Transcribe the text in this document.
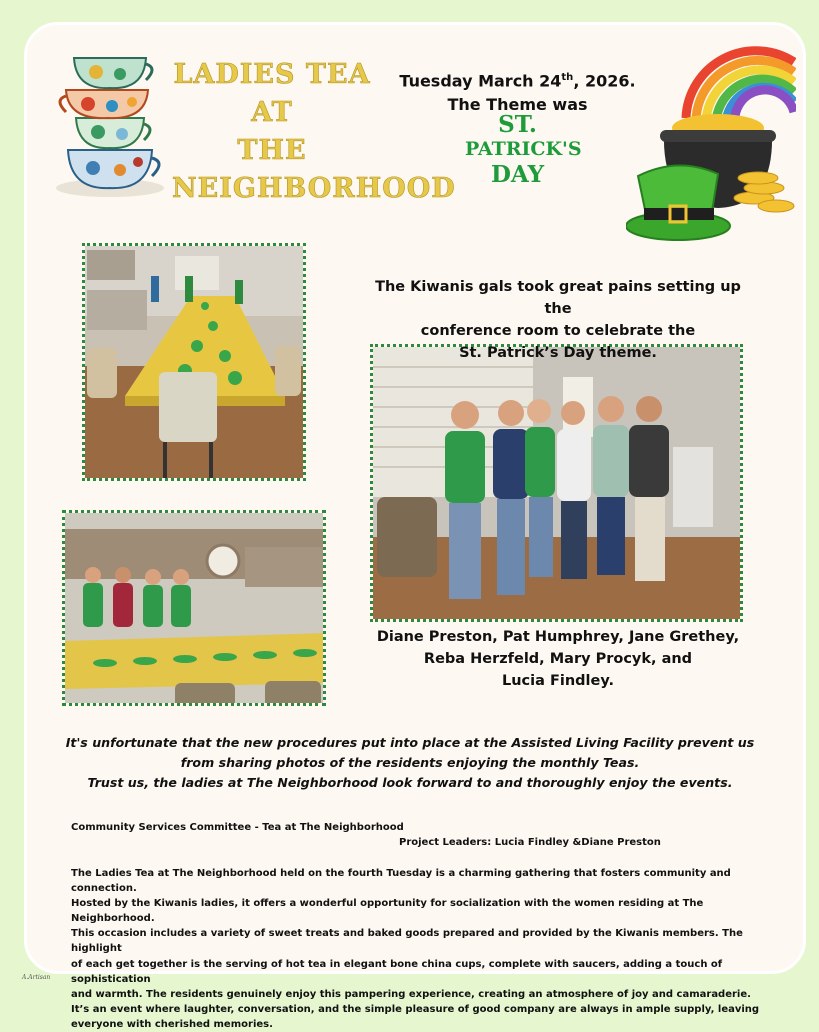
LADIES TEA AT
THE
NEIGHBORHOOD
Tuesday March 24th, 2026.
The Theme was
ST.
PATRICK'S
DAY
The Kiwanis gals took great pains setting up the
conference room to celebrate the
St. Patrick’s Day theme.
Diane Preston, Pat Humphrey, Jane Grethey,
Reba Herzfeld, Mary Procyk, and
Lucia Findley.
It's unfortunate that the new procedures put into place at the Assisted Living Facility prevent us
from sharing photos of the residents enjoying the monthly Teas.
Trust us, the ladies at The Neighborhood look forward to and thoroughly enjoy the events.
Community Services Committee - Tea at The Neighborhood
Project Leaders: Lucia Findley &Diane Preston
The Ladies Tea at The Neighborhood held on the fourth Tuesday is a charming gathering that fosters community and connection.
Hosted by the Kiwanis ladies, it offers a wonderful opportunity for socialization with the women residing at The Neighborhood.
This occasion includes a variety of sweet treats and baked goods prepared and provided by the Kiwanis members. The highlight
of each get together is the serving of hot tea in elegant bone china cups, complete with saucers, adding a touch of sophistication
and warmth. The residents genuinely enjoy this pampering experience, creating an atmosphere of joy and camaraderie.
It’s an event where laughter, conversation, and the simple pleasure of good company are always in ample supply, leaving
everyone with cherished memories.
A.Artisan
